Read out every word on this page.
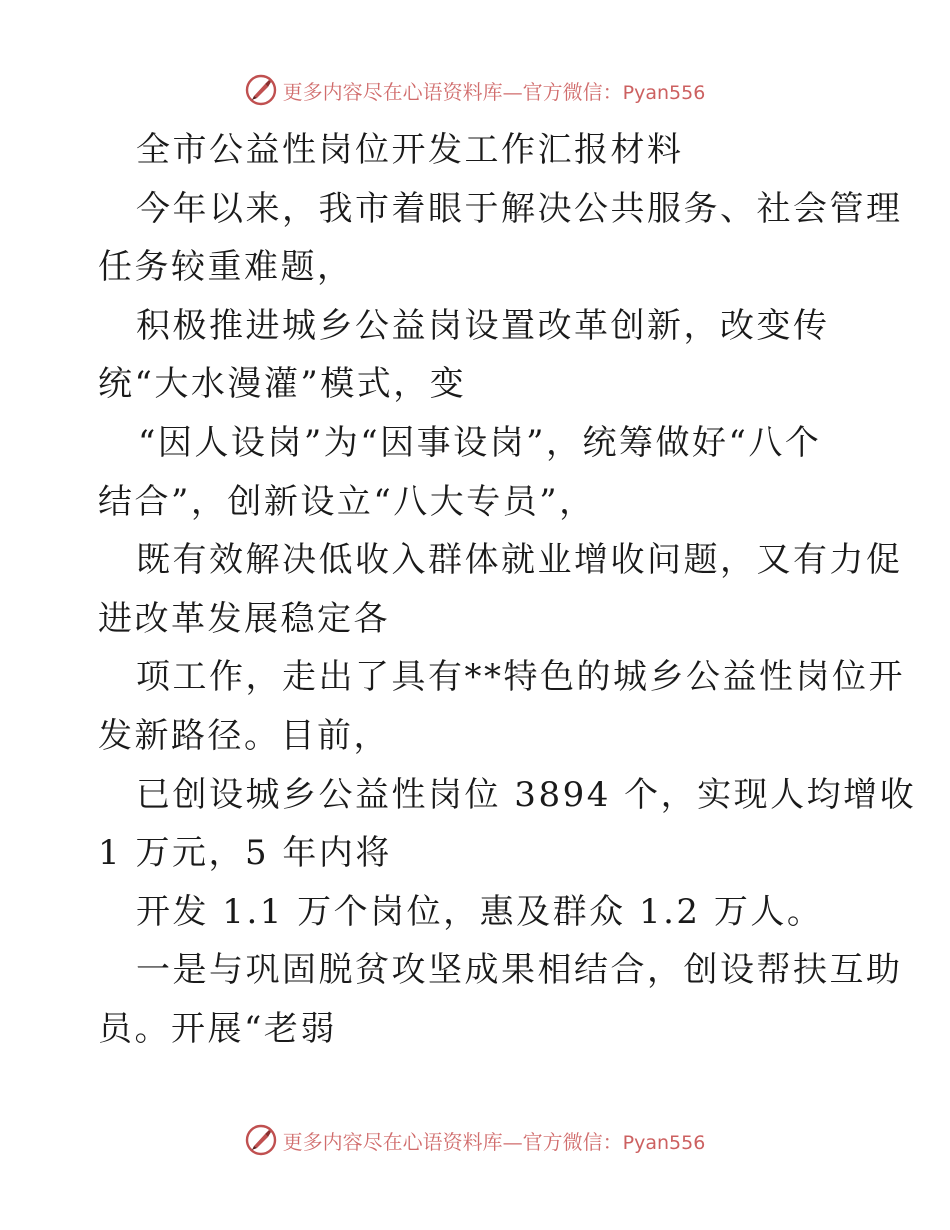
更多内容尽在心语资料库—官方微信：Pyan556
全市公益性岗位开发工作汇报材料
今年以来，我市着眼于解决公共服务、社会管理
任务较重难题，
积极推进城乡公益岗设置改革创新，改变传
统“大水漫灌”模式，变
“因人设岗”为“因事设岗”，统筹做好“八个
结合”，创新设立“八大专员”，
既有效解决低收入群体就业增收问题，又有力促
进改革发展稳定各
项工作，走出了具有**特色的城乡公益性岗位开
发新路径。目前，
已创设城乡公益性岗位 3894 个，实现人均增收
1 万元，5 年内将
开发 1.1 万个岗位，惠及群众 1.2 万人。
一是与巩固脱贫攻坚成果相结合，创设帮扶互助
员。开展“老弱
更多内容尽在心语资料库—官方微信：Pyan556
